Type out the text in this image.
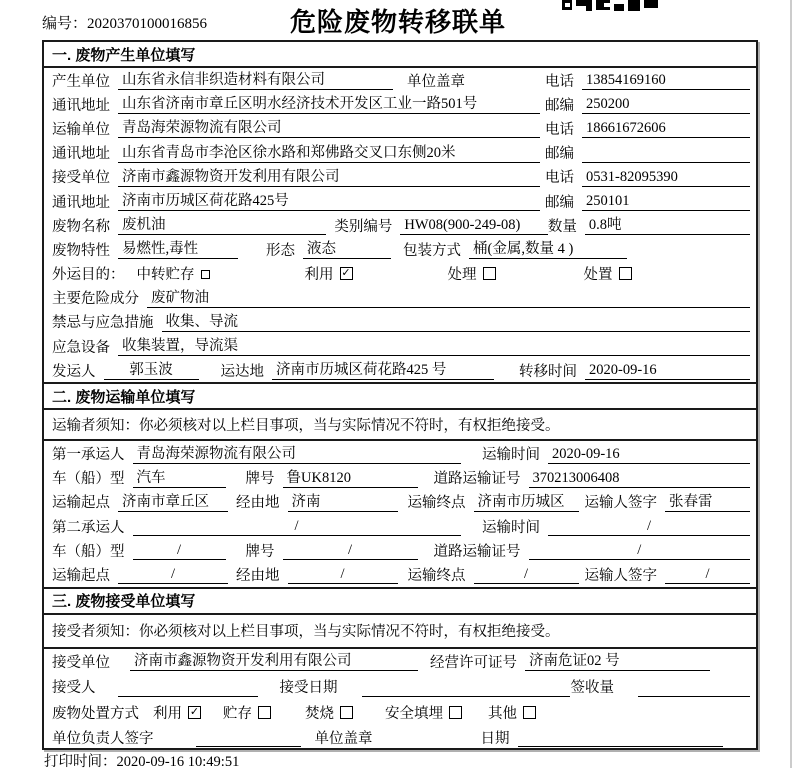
编号：2020370100016856	危险废物转移联单
一. 废物产生单位填写
产生单位 山东省永信非织造材料有限公司	单位盖章	电话 13854169160
通讯地址 山东省济南市章丘区明水经济技术开发区工业一路501号	邮编 250200
运输单位 青岛海荣源物流有限公司	电话 18661672606
通讯地址 山东省青岛市李沧区徐水路和郑佛路交叉口东侧20米	邮编
接受单位 济南市鑫源物资开发利用有限公司	电话 0531-82095390
通讯地址 济南市历城区荷花路425号	邮编 250101
废物名称 废机油	类别编号 HW08(900-249-08)	数量 0.8吨
废物特性 易燃性,毒性	形态 液态	包装方式 桶(金属,数量 4 )
外运目的： 中转贮存	利用 ✓	处理	处置
主要危险成分 废矿物油
禁忌与应急措施 收集、导流
应急设备 收集装置，导流渠
发运人	郭玉波	运达地 济南市历城区荷花路425 号	转移时间 2020-09-16
二. 废物运输单位填写
运输者须知：你必须核对以上栏目事项，当与实际情况不符时，有权拒绝接受。
第一承运人 青岛海荣源物流有限公司	运输时间 2020-09-16
车（船）型 汽车	牌号 鲁UK8120	道路运输证号 370213006408
运输起点 济南市章丘区	经由地 济南	运输终点 济南市历城区	运输人签字 张春雷
第二承运人	/	运输时间	/
车（船）型	/	牌号	/	道路运输证号	/
运输起点	/	经由地	/	运输终点	/	运输人签字	/
三. 废物接受单位填写
接受者须知：你必须核对以上栏目事项，当与实际情况不符时，有权拒绝接受。
接受单位 济南市鑫源物资开发利用有限公司	经营许可证号 济南危证02 号
接受人	接受日期	签收量
废物处置方式 利用 ✓ 贮存	焚烧	安全填埋	其他
单位负责人签字	单位盖章	日期
打印时间：2020-09-16 10:49:51
